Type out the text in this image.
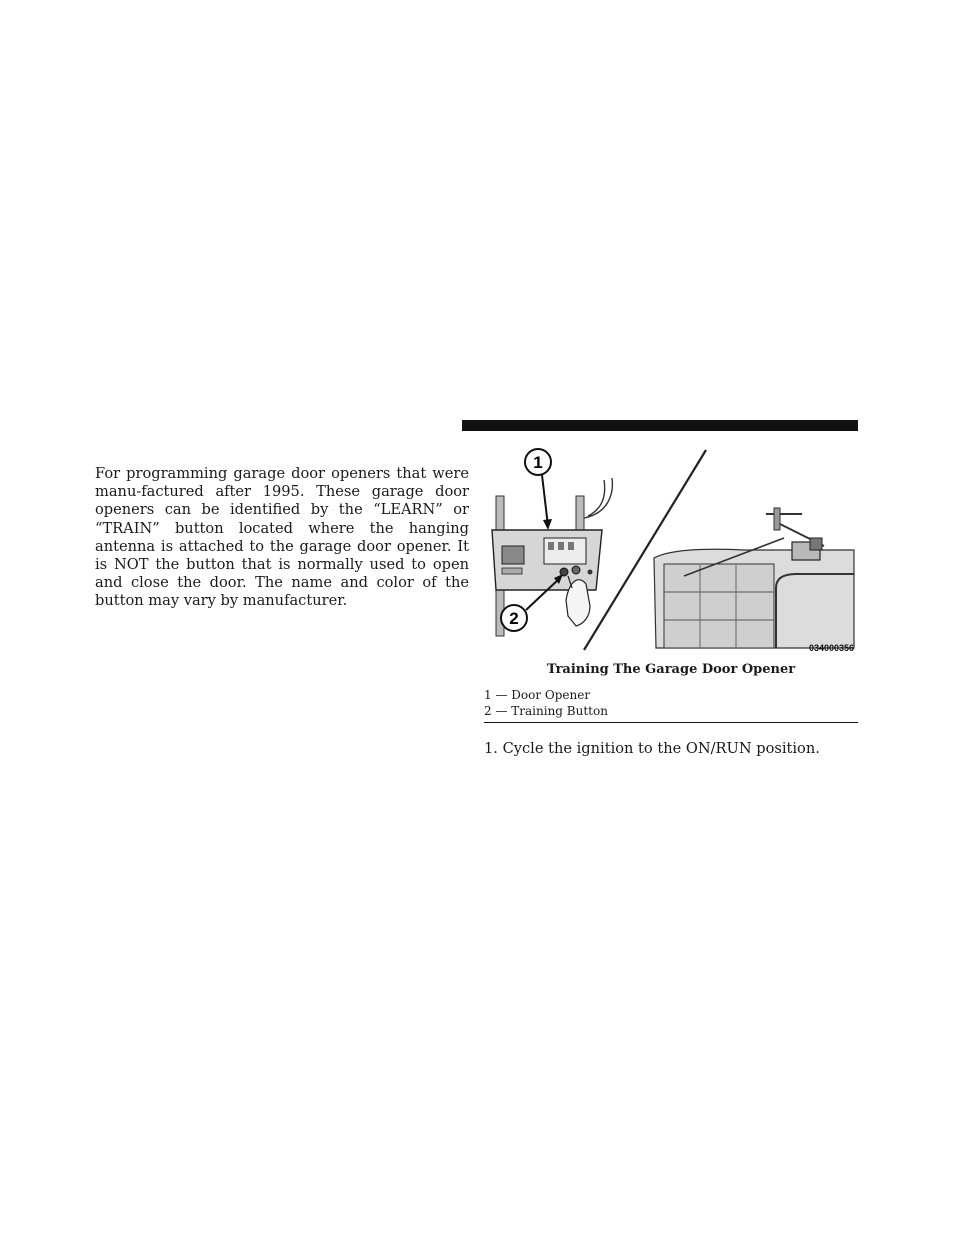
For programming garage door openers that were manu-factured after 1995. These garage door openers can be identified by the “LEARN” or “TRAIN” button located where the hanging antenna is attached to the garage door opener. It is NOT the button that is normally used to open and close the door. The name and color of the button may vary by manufacturer.

1
2
034000356
Training The Garage Door Opener
1 — Door Opener
2 — Training Button
1. Cycle the ignition to the ON/RUN position.
